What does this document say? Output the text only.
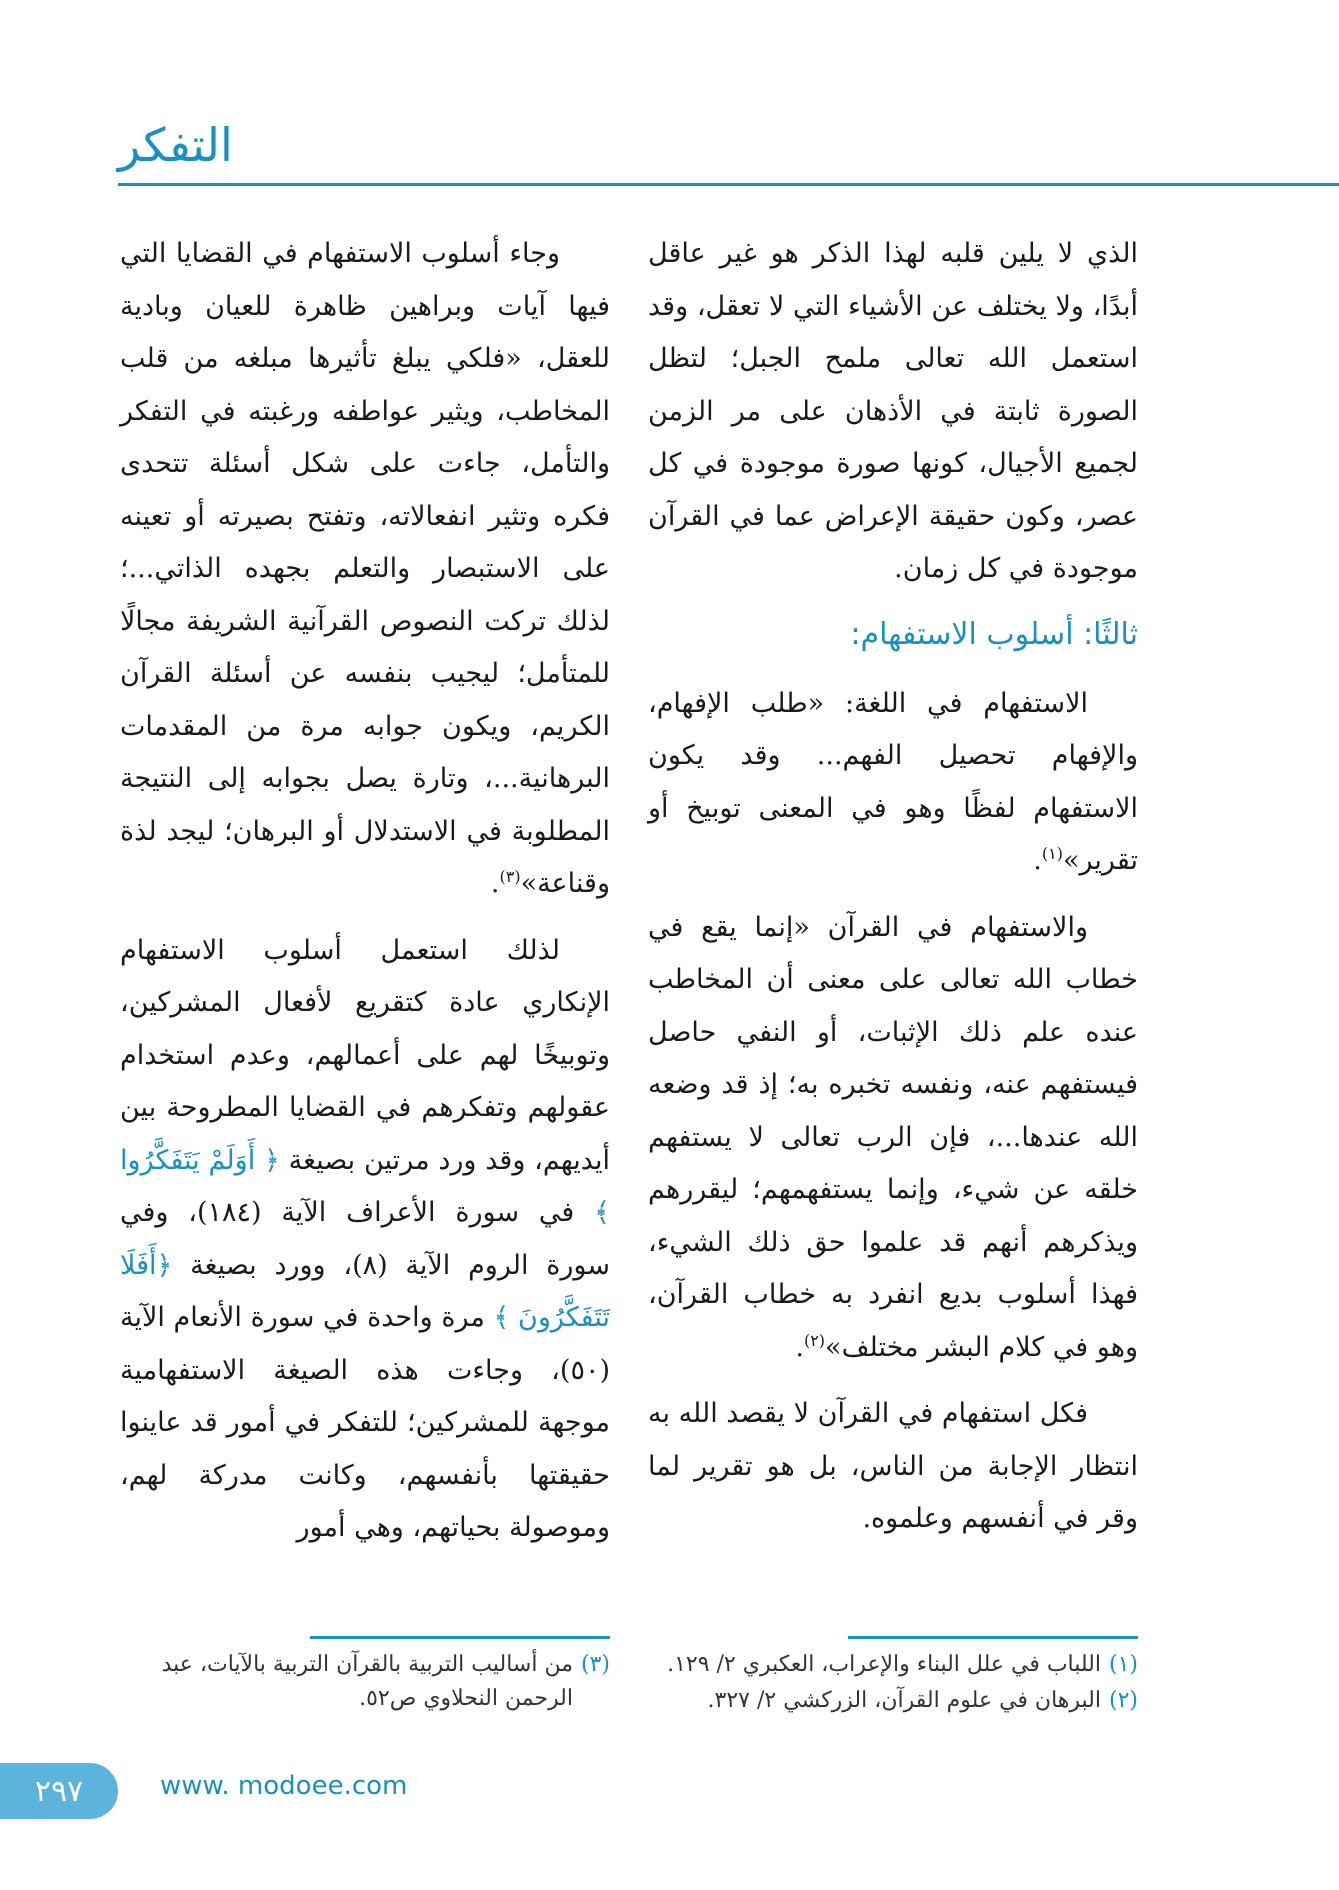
التفكر

الذي لا يلين قلبه لهذا الذكر هو غير عاقل أبدًا، ولا يختلف عن الأشياء التي لا تعقل، وقد استعمل الله تعالى ملمح الجبل؛ لتظل الصورة ثابتة في الأذهان على مر الزمن لجميع الأجيال، كونها صورة موجودة في كل عصر، وكون حقيقة الإعراض عما في القرآن موجودة في كل زمان.

ثالثًا: أسلوب الاستفهام:

الاستفهام في اللغة: «طلب الإفهام، والإفهام تحصيل الفهم... وقد يكون الاستفهام لفظًا وهو في المعنى توبيخ أو تقرير»$^{(١)}$.

والاستفهام في القرآن «إنما يقع في خطاب الله تعالى على معنى أن المخاطب عنده علم ذلك الإثبات، أو النفي حاصل فيستفهم عنه، ونفسه تخبره به؛ إذ قد وضعه الله عندها...، فإن الرب تعالى لا يستفهم خلقه عن شيء، وإنما يستفهمهم؛ ليقررهم ويذكرهم أنهم قد علموا حق ذلك الشيء، فهذا أسلوب بديع انفرد به خطاب القرآن، وهو في كلام البشر مختلف»$^{(٢)}$.

فكل استفهام في القرآن لا يقصد الله به انتظار الإجابة من الناس، بل هو تقرير لما وقر في أنفسهم وعلموه.

وجاء أسلوب الاستفهام في القضايا التي فيها آيات وبراهين ظاهرة للعيان وبادية للعقل، «فلكي يبلغ تأثيرها مبلغه من قلب المخاطب، ويثير عواطفه ورغبته في التفكر والتأمل، جاءت على شكل أسئلة تتحدى فكره وتثير انفعالاته، وتفتح بصيرته أو تعينه على الاستبصار والتعلم بجهده الذاتي...؛ لذلك تركت النصوص القرآنية الشريفة مجالًا للمتأمل؛ ليجيب بنفسه عن أسئلة القرآن الكريم، ويكون جوابه مرة من المقدمات البرهانية...، وتارة يصل بجوابه إلى النتيجة المطلوبة في الاستدلال أو البرهان؛ ليجد لذة وقناعة»$^{(٣)}$.

لذلك استعمل أسلوب الاستفهام الإنكاري عادة كتقريع لأفعال المشركين، وتوبيخًا لهم على أعمالهم، وعدم استخدام عقولهم وتفكرهم في القضايا المطروحة بين أيديهم، وقد ورد مرتين بصيغة ﴿ أَوَلَمْ يَتَفَكَّرُوا ﴾ في سورة الأعراف الآية (١٨٤)، وفي سورة الروم الآية (٨)، وورد بصيغة ﴿أَفَلَا تَتَفَكَّرُونَ ﴾ مرة واحدة في سورة الأنعام الآية (٥٠)، وجاءت هذه الصيغة الاستفهامية موجهة للمشركين؛ للتفكر في أمور قد عاينوا حقيقتها بأنفسهم، وكانت مدركة لهم، وموصولة بحياتهم، وهي أمور

(١)
اللباب في علل البناء والإعراب، العكبري ٢/ ١٢٩.
(٢)
البرهان في علوم القرآن، الزركشي ٢/ ٣٢٧.
(٣)
من أساليب التربية بالقرآن التربية بالآيات، عبد الرحمن النحلاوي ص٥٢.
٢٩٧	www. modoee.com
